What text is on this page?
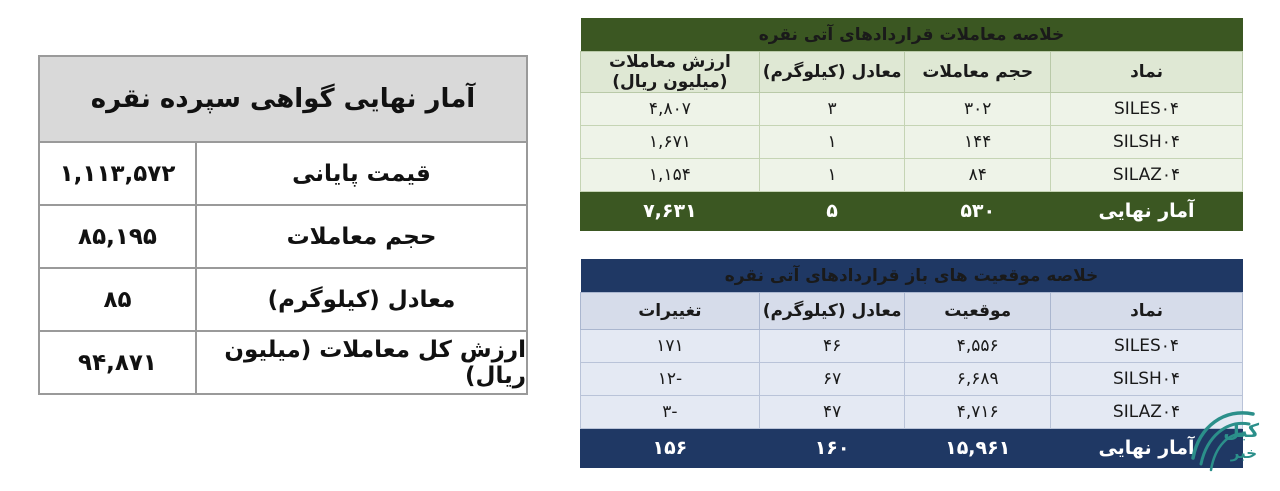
آمار نهایی گواهی سپرده نقره
قیمت پایانی
۱,۱۱۳,۵۷۲
حجم معاملات
۸۵,۱۹۵
معادل (کیلوگرم)
۸۵
ارزش کل معاملات (میلیون ریال)
۹۴,۸۷۱
خلاصه معاملات قراردادهای آتی نقره			
نماد	حجم معاملات	معادل (کیلوگرم)	ارزش معاملات (میلیون ریال)
SILES۰۴	۳۰۲	۳	۴,۸۰۷
SILSH۰۴	۱۴۴	۱	۱,۶۷۱
SILAZ۰۴	۸۴	۱	۱,۱۵۴
آمار نهایی	۵۳۰	۵	۷,۶۳۱
خلاصه موقعیت های باز قراردادهای آتی نقره			
نماد	موقعیت	معادل (کیلوگرم)	تغییرات
SILES۰۴	۴,۵۵۶	۴۶	۱۷۱
SILSH۰۴	۶,۶۸۹	۶۷	-۱۲
SILAZ۰۴	۴,۷۱۶	۴۷	-۳
آمار نهایی	۱۵,۹۶۱	۱۶۰	۱۵۶
کبل
خبر
